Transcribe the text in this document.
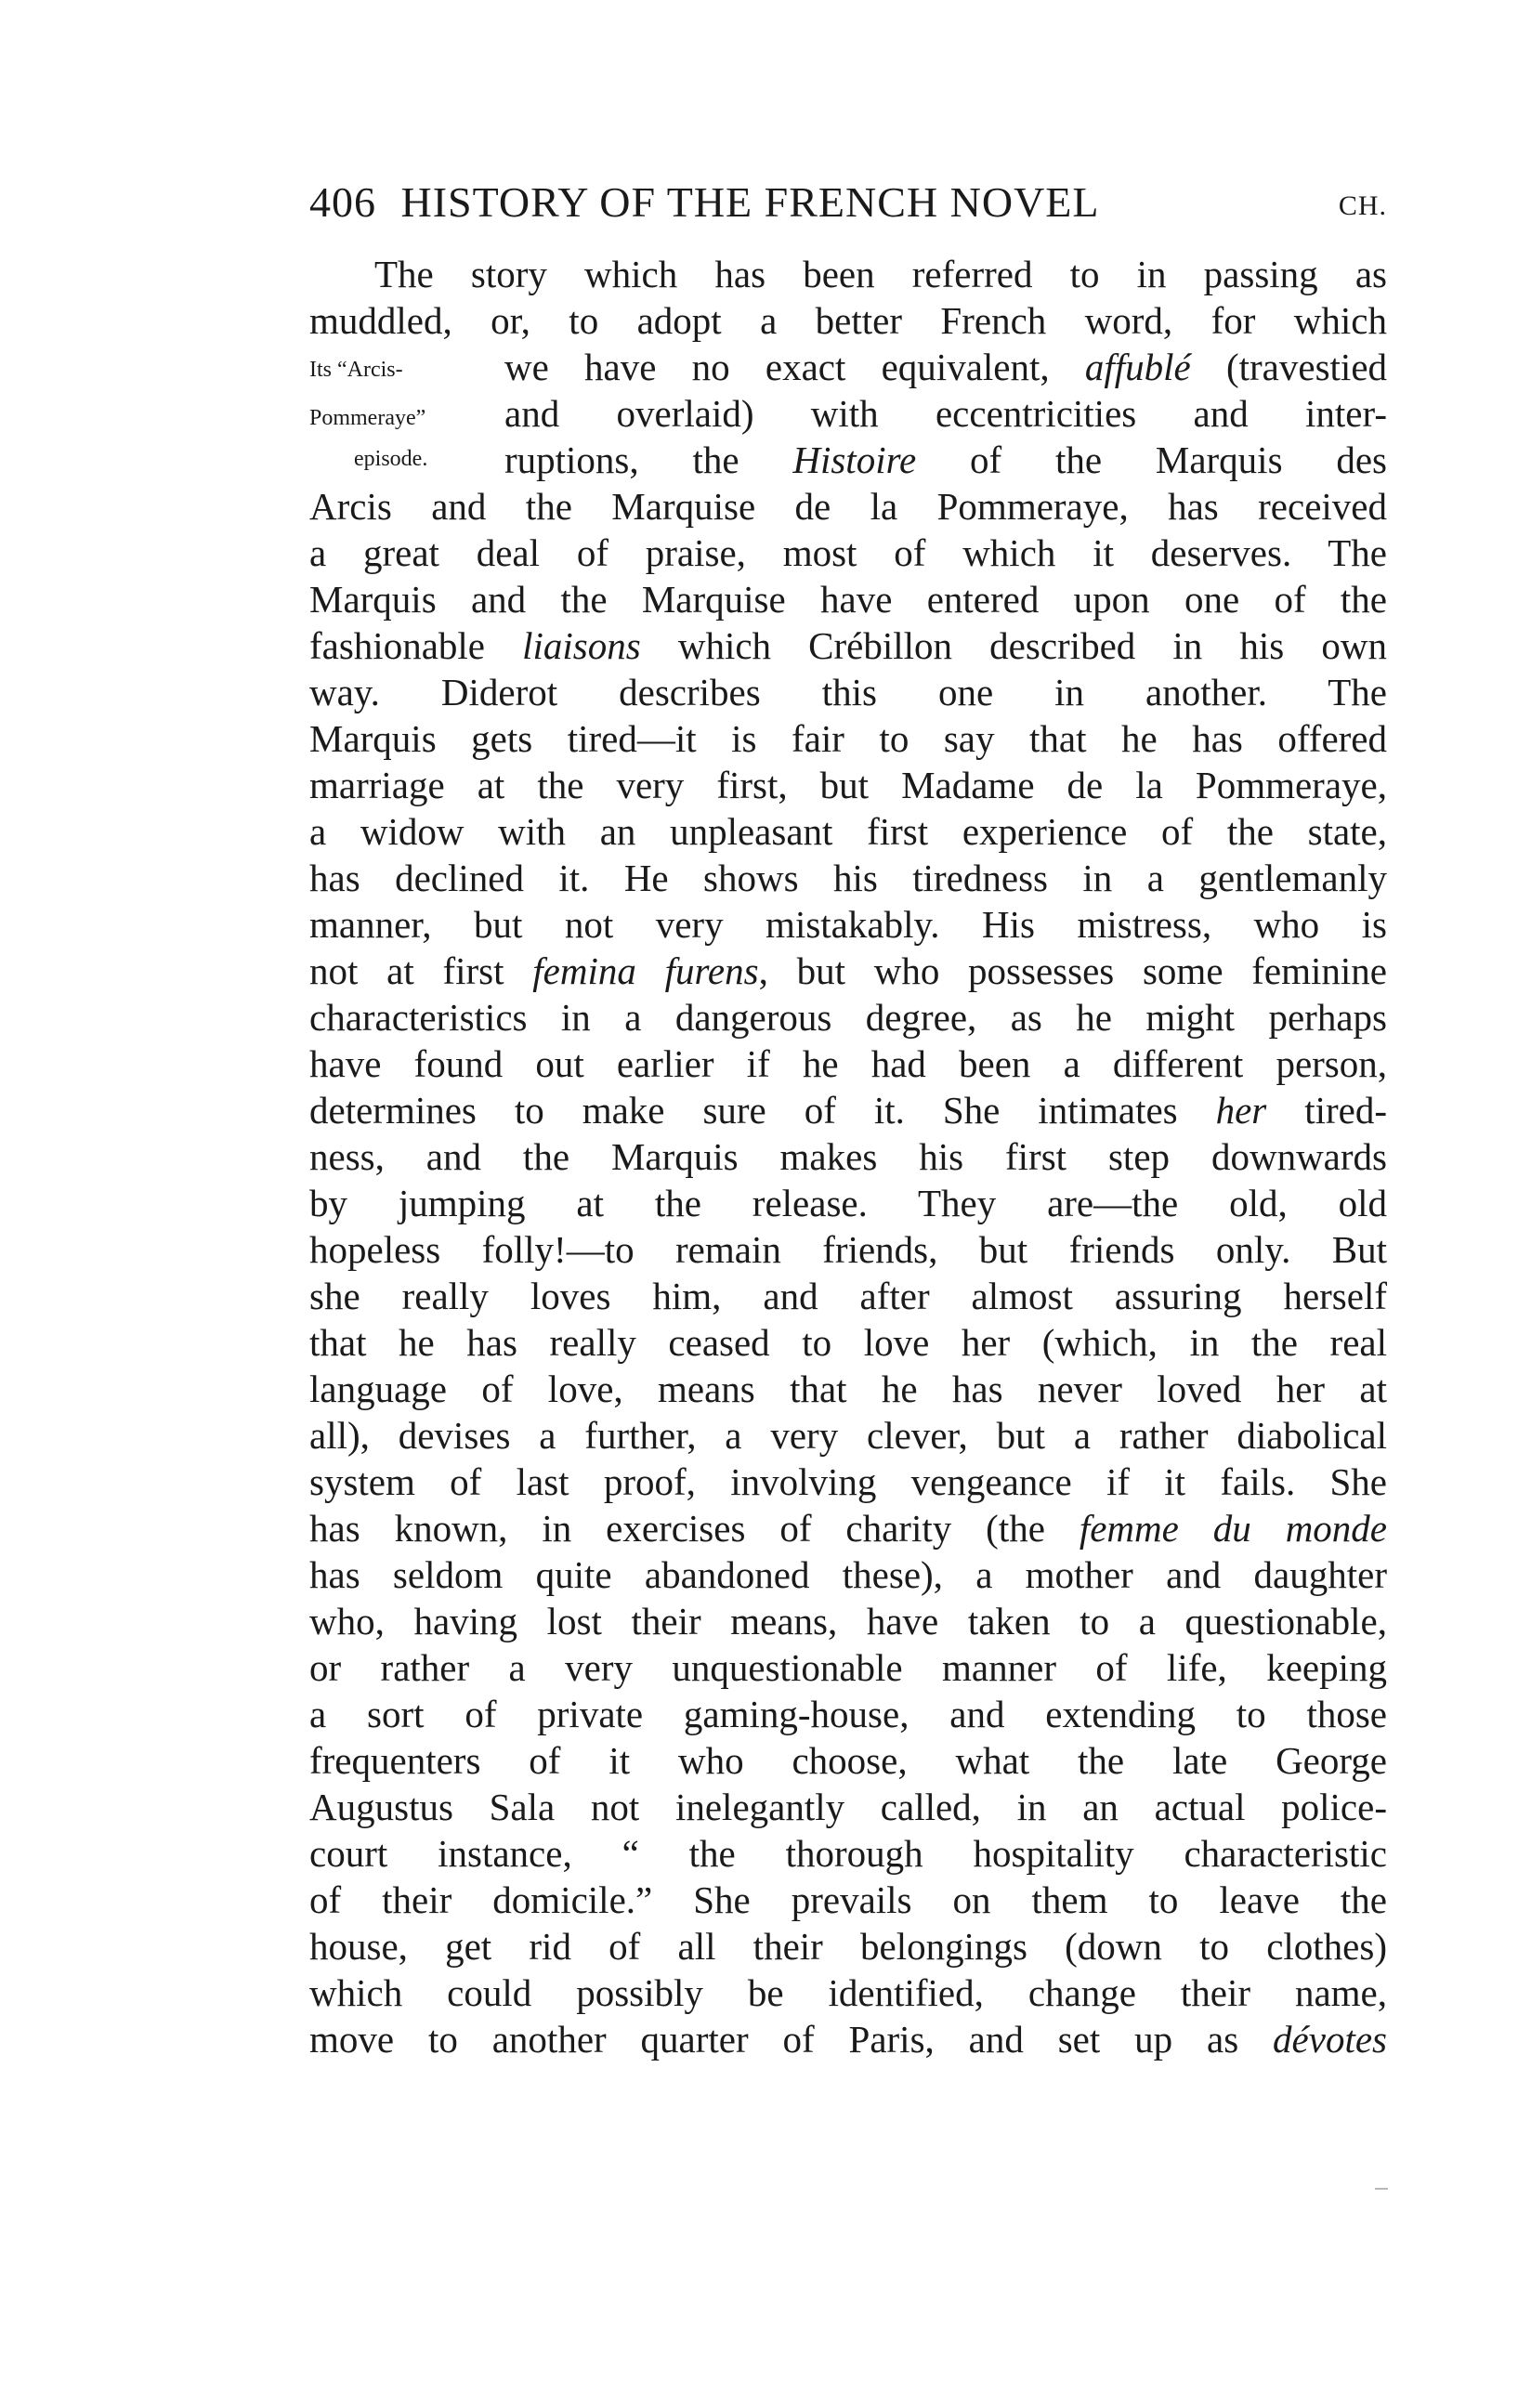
406 HISTORY OF THE FRENCH NOVEL	CH.
Its “Arcis-
Pommeraye”
episode.
The story which has been referred to in passing as
muddled, or, to adopt a better French word, for which
we have no exact equivalent, affublé (travestied
and overlaid) with eccentricities and inter-
ruptions, the Histoire of the Marquis des
Arcis and the Marquise de la Pommeraye, has received
a great deal of praise, most of which it deserves. The
Marquis and the Marquise have entered upon one of the
fashionable liaisons which Crébillon described in his own
way. Diderot describes this one in another. The
Marquis gets tired—it is fair to say that he has offered
marriage at the very first, but Madame de la Pommeraye,
a widow with an unpleasant first experience of the state,
has declined it. He shows his tiredness in a gentlemanly
manner, but not very mistakably. His mistress, who is
not at first femina furens, but who possesses some feminine
characteristics in a dangerous degree, as he might perhaps
have found out earlier if he had been a different person,
determines to make sure of it. She intimates her tired-
ness, and the Marquis makes his first step downwards
by jumping at the release. They are—the old, old
hopeless folly!—to remain friends, but friends only. But
she really loves him, and after almost assuring herself
that he has really ceased to love her (which, in the real
language of love, means that he has never loved her at
all), devises a further, a very clever, but a rather diabolical
system of last proof, involving vengeance if it fails. She
has known, in exercises of charity (the femme du monde
has seldom quite abandoned these), a mother and daughter
who, having lost their means, have taken to a questionable,
or rather a very unquestionable manner of life, keeping
a sort of private gaming-house, and extending to those
frequenters of it who choose, what the late George
Augustus Sala not inelegantly called, in an actual police-
court instance, “ the thorough hospitality characteristic
of their domicile.” She prevails on them to leave the
house, get rid of all their belongings (down to clothes)
which could possibly be identified, change their name,
move to another quarter of Paris, and set up as dévotes
